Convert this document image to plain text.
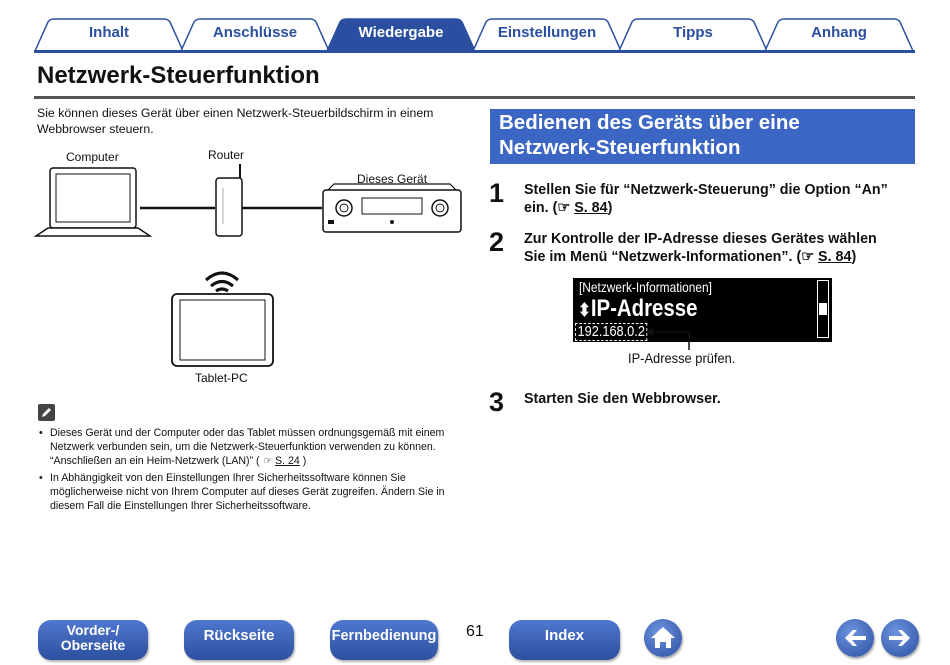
Inhalt	Anschlüsse	Wiedergabe	Einstellungen	Tipps	Anhang
Netzwerk-Steuerfunktion
Sie können dieses Gerät über einen Netzwerk-Steuerbildschirm in einem Webbrowser steuern.
Computer	Router
Dieses Gerät
Tablet-PC
• Dieses Gerät und der Computer oder das Tablet müssen ordnungsgemäß mit einem Netzwerk verbunden sein, um die Netzwerk-Steuerfunktion verwenden zu können. “Anschließen an ein Heim-Netzwerk (LAN)” ( ☞ S. 24 )
• In Abhängigkeit von den Einstellungen Ihrer Sicherheitssoftware können Sie möglicherweise nicht von Ihrem Computer auf dieses Gerät zugreifen. Ändern Sie in diesem Fall die Einstellungen Ihrer Sicherheitssoftware.
Bedienen des Geräts über eine
Netzwerk-Steuerfunktion
1 Stellen Sie für “Netzwerk-Steuerung” die Option “An”
ein. (☞ S. 84)
2 Zur Kontrolle der IP-Adresse dieses Gerätes wählen
Sie im Menü “Netzwerk-Informationen”. (☞ S. 84)
[Netzwerk-Informationen]
⬍IP-Adresse
192.168.0.2
IP-Adresse prüfen.
3 Starten Sie den Webbrowser.
Vorder-/
Oberseite
Rückseite	Fernbedienung 61	Index
